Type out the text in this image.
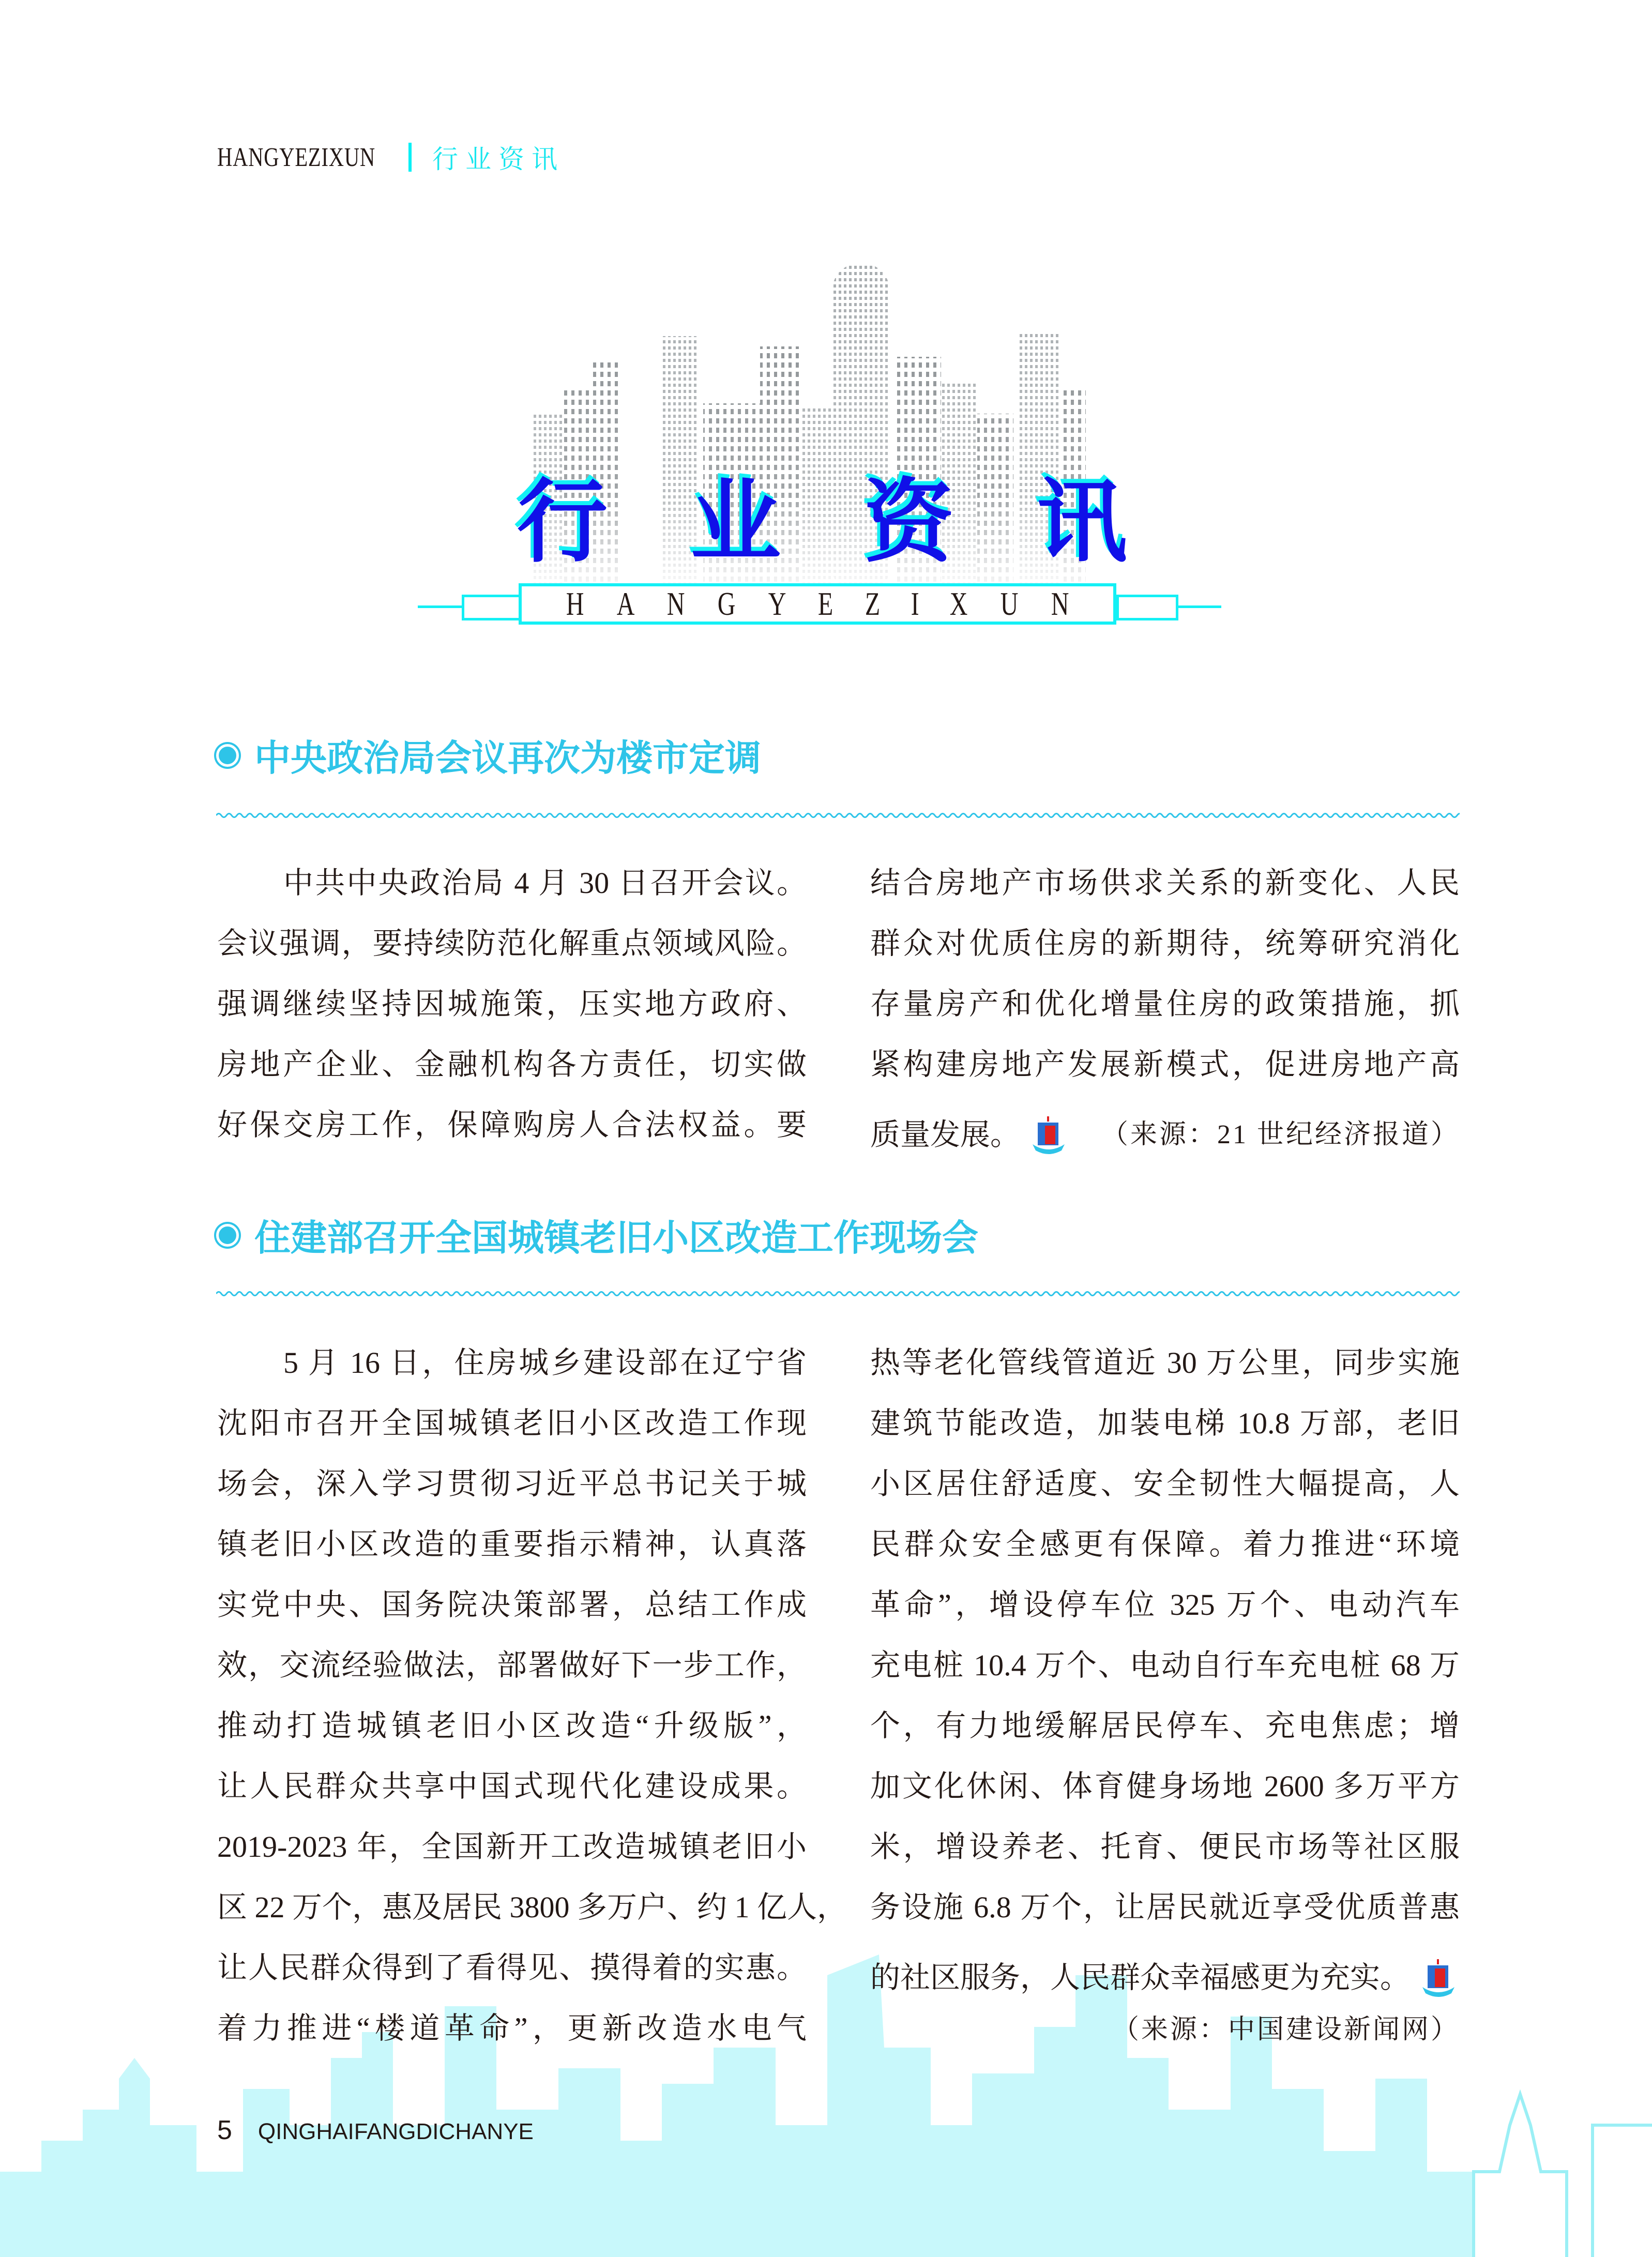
HANGYEZIXUN 行业资讯
行 业 资 讯
H A N G Y E Z I X U N
中央政治局会议再次为楼市定调
中共中央政治局 4 月 30 日召开会议。
会议强调，要持续防范化解重点领域风险。
强调继续坚持因城施策，压实地方政府、
房地产企业、金融机构各方责任，切实做
好保交房工作，保障购房人合法权益。要
结合房地产市场供求关系的新变化、人民
群众对优质住房的新期待，统筹研究消化
存量房产和优化增量住房的政策措施，抓
紧构建房地产发展新模式，促进房地产高
质量发展。	（来源：21 世纪经济报道）
住建部召开全国城镇老旧小区改造工作现场会
5 月 16 日，住房城乡建设部在辽宁省
沈阳市召开全国城镇老旧小区改造工作现
场会，深入学习贯彻习近平总书记关于城
镇老旧小区改造的重要指示精神，认真落
实党中央、国务院决策部署，总结工作成
效，交流经验做法，部署做好下一步工作，
推动打造城镇老旧小区改造“升级版”，
让人民群众共享中国式现代化建设成果。
2019-2023 年，全国新开工改造城镇老旧小
区 22 万个，惠及居民 3800 多万户、约 1 亿人，
让人民群众得到了看得见、摸得着的实惠。
着力推进“楼道革命”，更新改造水电气
热等老化管线管道近 30 万公里，同步实施
建筑节能改造，加装电梯 10.8 万部，老旧
小区居住舒适度、安全韧性大幅提高，人
民群众安全感更有保障。着力推进“环境
革命”，增设停车位 325 万个、电动汽车
充电桩 10.4 万个、电动自行车充电桩 68 万
个，有力地缓解居民停车、充电焦虑；增
加文化休闲、体育健身场地 2600 多万平方
米，增设养老、托育、便民市场等社区服
务设施 6.8 万个，让居民就近享受优质普惠
的社区服务，人民群众幸福感更为充实。
（来源：中国建设新闻网）
5 QINGHAIFANGDICHANYE
